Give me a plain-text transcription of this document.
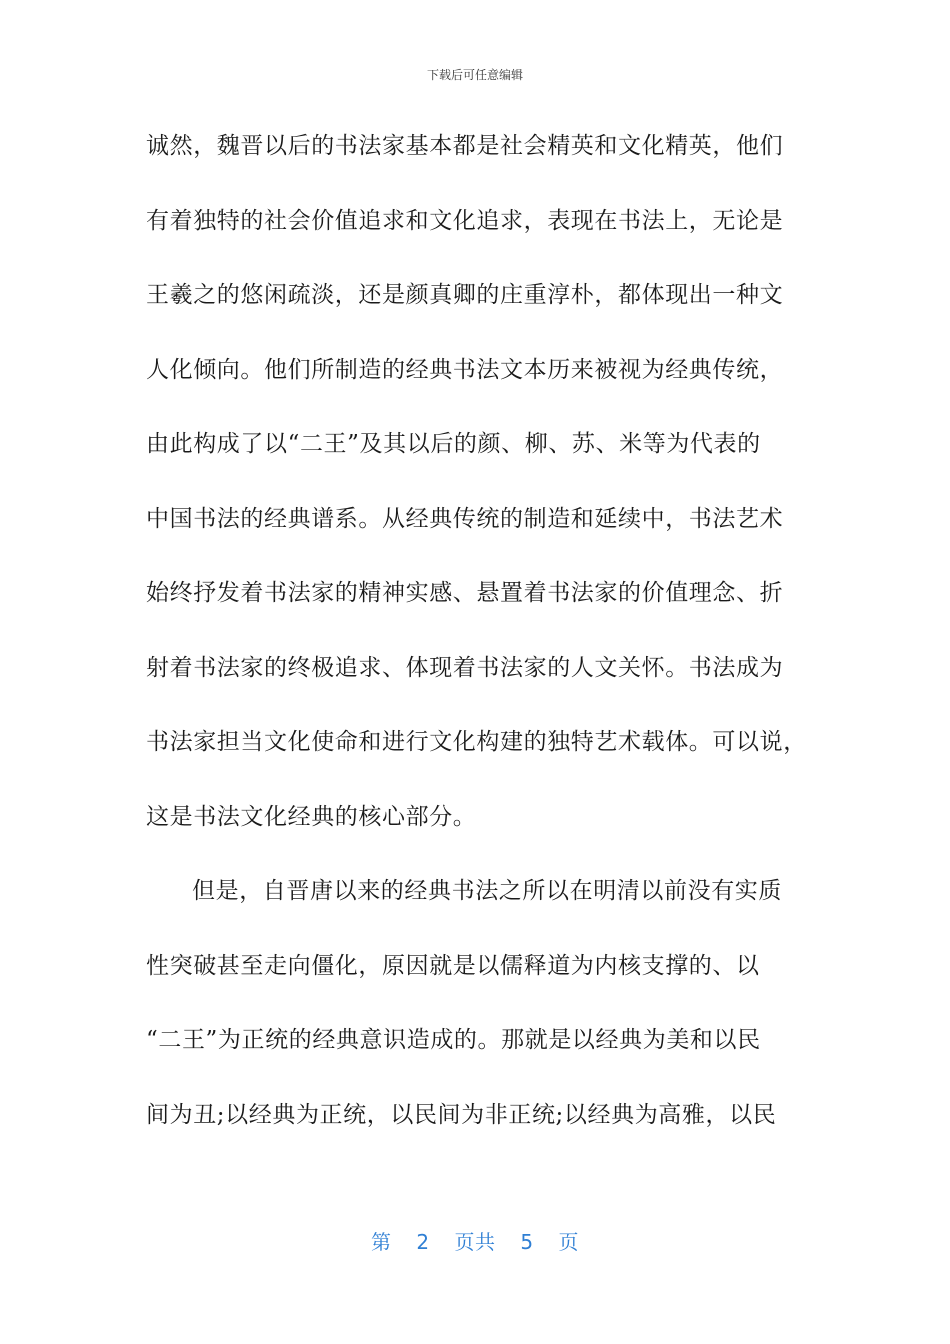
下载后可任意编辑
诚然，魏晋以后的书法家基本都是社会精英和文化精英，他们
有着独特的社会价值追求和文化追求，表现在书法上，无论是
王羲之的悠闲疏淡，还是颜真卿的庄重淳朴，都体现出一种文
人化倾向。他们所制造的经典书法文本历来被视为经典传统，
由此构成了以“二王”及其以后的颜、柳、苏、米等为代表的
中国书法的经典谱系。从经典传统的制造和延续中，书法艺术
始终抒发着书法家的精神实感、悬置着书法家的价值理念、折
射着书法家的终极追求、体现着书法家的人文关怀。书法成为
书法家担当文化使命和进行文化构建的独特艺术载体。可以说，
这是书法文化经典的核心部分。
但是，自晋唐以来的经典书法之所以在明清以前没有实质
性突破甚至走向僵化，原因就是以儒释道为内核支撑的、以
“二王”为正统的经典意识造成的。那就是以经典为美和以民
间为丑;以经典为正统，以民间为非正统;以经典为高雅，以民
第 2 页共 5 页
